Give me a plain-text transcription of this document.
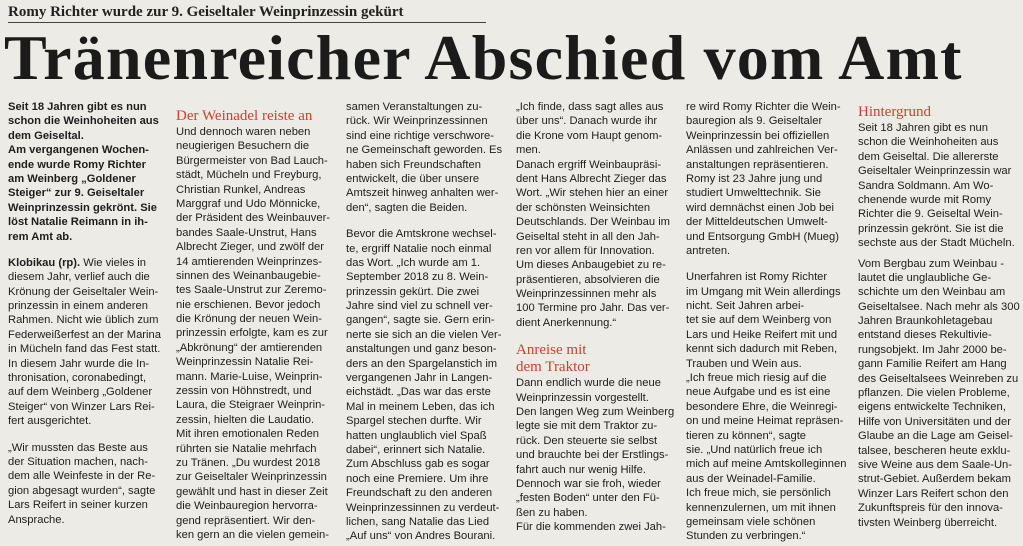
Romy Richter wurde zur 9. Geiseltaler Weinprinzessin gekürt
Tränenreicher Abschied vom Amt
Seit 18 Jahren gibt es nun
schon die Weinhoheiten aus
dem Geiseltal.
Am vergangenen Wochen-
ende wurde Romy Richter
am Weinberg „Goldener
Steiger“ zur 9. Geiseltaler
Weinprinzessin gekrönt. Sie
löst Natalie Reimann in ih-
rem Amt ab.
Klobikau (rp). Wie vieles in
diesem Jahr, verlief auch die
Krönung der Geiseltaler Wein-
prinzessin in einem anderen
Rahmen. Nicht wie üblich zum
Federweißerfest an der Marina
in Mücheln fand das Fest statt.
In diesem Jahr wurde die In-
thronisation, coronabedingt,
auf dem Weinberg „Goldener
Steiger“ von Winzer Lars Rei-
fert ausgerichtet.
„Wir mussten das Beste aus
der Situation machen, nach-
dem alle Weinfeste in der Re-
gion abgesagt wurden“, sagte
Lars Reifert in seiner kurzen
Ansprache.
Der Weinadel reiste an
Und dennoch waren neben
neugierigen Besuchern die
Bürgermeister von Bad Lauch-
städt, Mücheln und Freyburg,
Christian Runkel, Andreas
Marggraf und Udo Mönnicke,
der Präsident des Weinbauver-
bandes Saale-Unstrut, Hans
Albrecht Zieger, und zwölf der
14 amtierenden Weinprinzes-
sinnen des Weinanbaugebie-
tes Saale-Unstrut zur Zeremo-
nie erschienen. Bevor jedoch
die Krönung der neuen Wein-
prinzessin erfolgte, kam es zur
„Abkrönung“ der amtierenden
Weinprinzessin Natalie Rei-
mann. Marie-Luise, Weinprin-
zessin von Höhnstredt, und
Laura, die Steigraer Weinprin-
zessin, hielten die Laudatio.
Mit ihren emotionalen Reden
rührten sie Natalie mehrfach
zu Tränen. „Du wurdest 2018
zur Geiseltaler Weinprinzessin
gewählt und hast in dieser Zeit
die Weinbauregion hervorra-
gend repräsentiert. Wir den-
ken gern an die vielen gemein-
samen Veranstaltungen zu-
rück. Wir Weinprinzessinnen
sind eine richtige verschwore-
ne Gemeinschaft geworden. Es
haben sich Freundschaften
entwickelt, die über unsere
Amtszeit hinweg anhalten wer-
den“, sagten die Beiden.
Bevor die Amtskrone wechsel-
te, ergriff Natalie noch einmal
das Wort. „Ich wurde am 1.
September 2018 zu 8. Wein-
prinzessin gekürt. Die zwei
Jahre sind viel zu schnell ver-
gangen“, sagte sie. Gern erin-
nerte sie sich an die vielen Ver-
anstaltungen und ganz beson-
ders an den Spargelanstich im
vergangenen Jahr in Langen-
eichstädt. „Das war das erste
Mal in meinem Leben, das ich
Spargel stechen durfte. Wir
hatten unglaublich viel Spaß
dabei“, erinnert sich Natalie.
Zum Abschluss gab es sogar
noch eine Premiere. Um ihre
Freundschaft zu den anderen
Weinprinzessinnen zu verdeut-
lichen, sang Natalie das Lied
„Auf uns“ von Andres Bourani.
„Ich finde, dass sagt alles aus
über uns“. Danach wurde ihr
die Krone vom Haupt genom-
men.
Danach ergriff Weinbaupräsi-
dent Hans Albrecht Zieger das
Wort. „Wir stehen hier an einer
der schönsten Weinsichten
Deutschlands. Der Weinbau im
Geiseltal steht in all den Jah-
ren vor allem für Innovation.
Um dieses Anbaugebiet zu re-
präsentieren, absolvieren die
Weinprinzessinnen mehr als
100 Termine pro Jahr. Das ver-
dient Anerkennung.“
Anreise mit
dem Traktor
Dann endlich wurde die neue
Weinprinzessin vorgestellt.
Den langen Weg zum Weinberg
legte sie mit dem Traktor zu-
rück. Den steuerte sie selbst
und brauchte bei der Erstlings-
fahrt auch nur wenig Hilfe.
Dennoch war sie froh, wieder
„festen Boden“ unter den Fü-
ßen zu haben.
Für die kommenden zwei Jah-
re wird Romy Richter die Wein-
bauregion als 9. Geiseltaler
Weinprinzessin bei offiziellen
Anlässen und zahlreichen Ver-
anstaltungen repräsentieren.
Romy ist 23 Jahre jung und
studiert Umwelttechnik. Sie
wird demnächst einen Job bei
der Mitteldeutschen Umwelt-
und Entsorgung GmbH (Mueg)
antreten.
Unerfahren ist Romy Richter
im Umgang mit Wein allerdings
nicht. Seit Jahren arbei-
tet sie auf dem Weinberg von
Lars und Heike Reifert mit und
kennt sich dadurch mit Reben,
Trauben und Wein aus.
„Ich freue mich riesig auf die
neue Aufgabe und es ist eine
besondere Ehre, die Weinregi-
on und meine Heimat repräsen-
tieren zu können“, sagte
sie. „Und natürlich freue ich
mich auf meine Amtskolleginnen
aus der Weinadel-Familie.
Ich freue mich, sie persönlich
kennenzulernen, um mit ihnen
gemeinsam viele schönen
Stunden zu verbringen.“
Hintergrund
Seit 18 Jahren gibt es nun
schon die Weinhoheiten aus
dem Geiseltal. Die allererste
Geiseltaler Weinprinzessin war
Sandra Soldmann. Am Wo-
chenende wurde mit Romy
Richter die 9. Geiseltal Wein-
prinzessin gekrönt. Sie ist die
sechste aus der Stadt Mücheln.
Vom Bergbau zum Weinbau -
lautet die unglaubliche Ge-
schichte um den Weinbau am
Geiseltalsee. Nach mehr als 300
Jahren Braunkohletagebau
entstand dieses Rekultivie-
rungsobjekt. Im Jahr 2000 be-
gann Familie Reifert am Hang
des Geiseltalsees Weinreben zu
pflanzen. Die vielen Probleme,
eigens entwickelte Techniken,
Hilfe von Universitäten und der
Glaube an die Lage am Geisel-
talsee, bescheren heute exklu-
sive Weine aus dem Saale-Un-
strut-Gebiet. Außerdem bekam
Winzer Lars Reifert schon den
Zukunftspreis für den innova-
tivsten Weinberg überreicht.
